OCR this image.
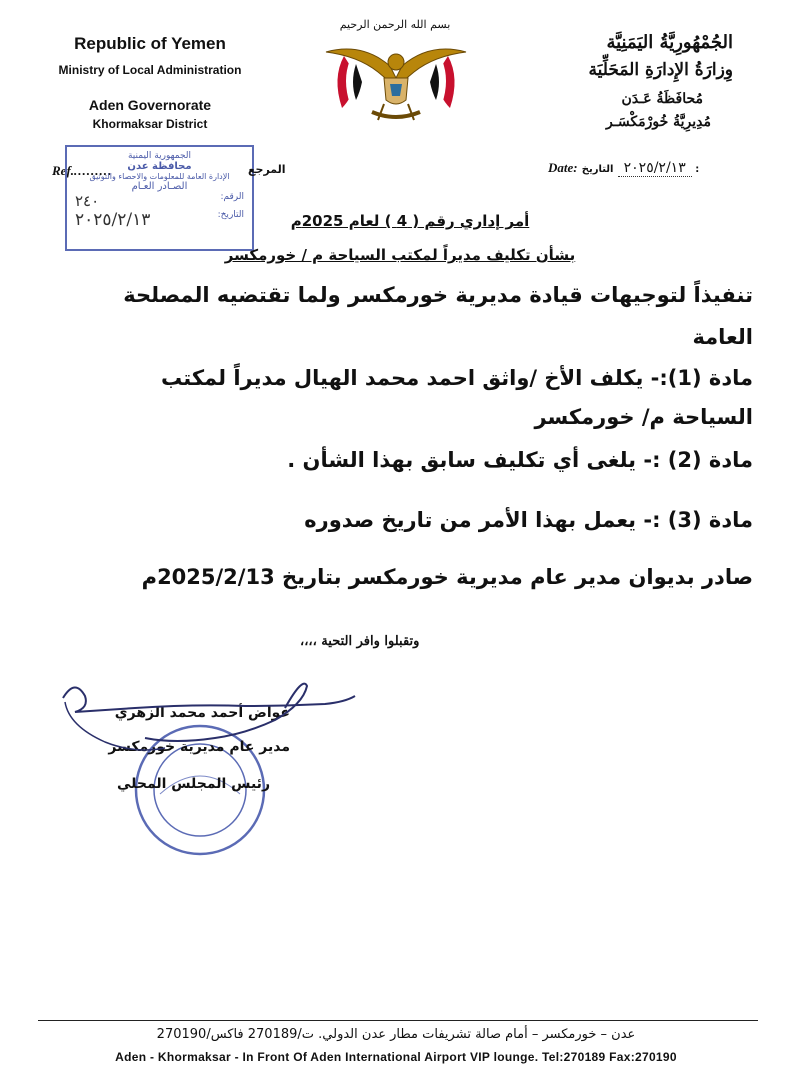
Republic of Yemen
Ministry of Local Administration
Aden Governorate
Khormaksar District
الجُمْهُورِيَّةُ اليَمَنِيَّة
وِزارَةُ الإِدارَةِ المَحَلِّيَة
مُحافَظَةُ عَـدَن
مُدِيرِيَّةُ خُورْمَكْسَـر
بسم الله الرحمن الرحيم
Ref..........
الجمهورية اليمنية
محافظة عدن
الإدارة العامة للمعلومات والاحصاء والتوثيق
الصـادر العـام
الرقم:
٢٤٠
التاريخ:
٢٠٢٥/٢/١٣
المرجع	Date:	٢٠٢٥/٢/١٣ التاريخ :
أمر إداري رقم ( 4 ) لعام 2025م
بشأن تكليف مديراً لمكتب السياحة م / خورمكسر
تنفيذاً لتوجيهات قيادة مديرية خورمكسر ولما تقتضيه المصلحة
العامة
مادة (1):- يكلف الأخ /واثق احمد محمد الهيال مديراً لمكتب
السياحة م/ خورمكسر
مادة (2) :- يلغى أي تكليف سابق بهذا الشأن .
مادة (3) :- يعمل بهذا الأمر من تاريخ صدوره
صادر بديوان مدير عام مديرية خورمكسر بتاريخ 2025/2/13م
وتقبلوا وافر التحية ،،،،
عواض أحمد محمد الزهري
مدير عام مديرية خورمكسر
رئيس المجلس المحلي
عدن – خورمكسر – أمام صالة تشريفات مطار عدن الدولي. ت/270189 فاكس/270190
Aden - Khormaksar - In Front Of Aden International Airport VIP lounge. Tel:270189 Fax:270190
